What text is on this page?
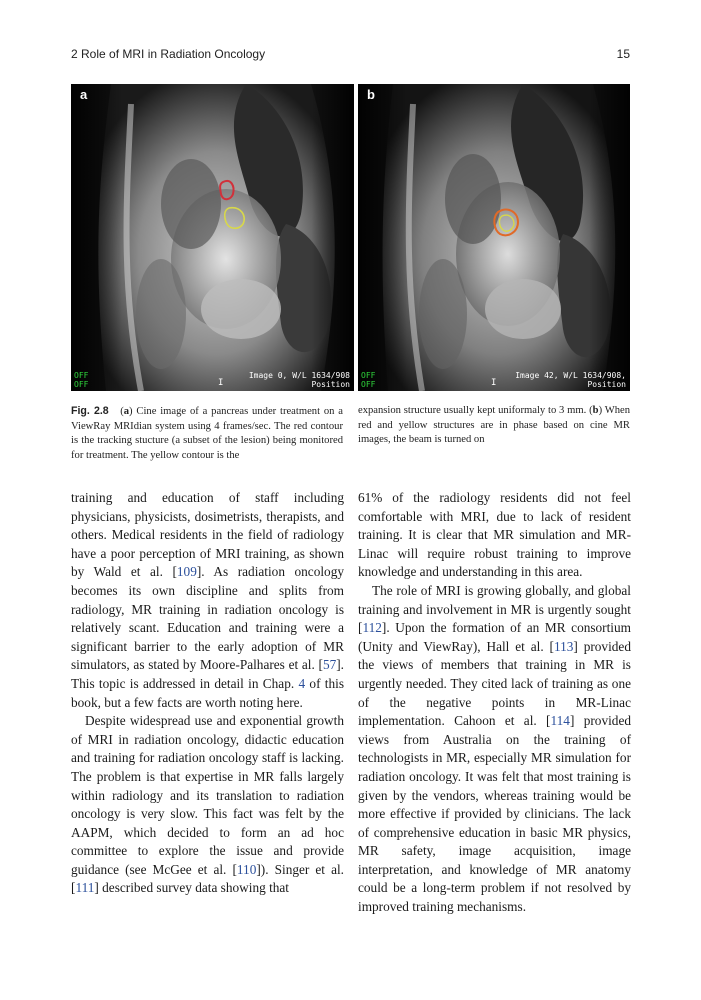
2 Role of MRI in Radiation Oncology	15
a
OFF
OFF	I
Image 0, W/L 1634/908
Position
b
OFF
OFF	I
Image 42, W/L 1634/908,
Position
Fig. 2.8 (a) Cine image of a pancreas under treatment on a ViewRay MRIdian system using 4 frames/sec. The red contour is the tracking stucture (a subset of the lesion) being monitored for treatment. The yellow contour is the
expansion structure usually kept uniformaly to 3 mm. (b) When red and yellow structures are in phase based on cine MR images, the beam is turned on

training and education of staff including physicians, physicists, dosimetrists, therapists, and others. Medical residents in the field of radiology have a poor perception of MRI training, as shown by Wald et al. [109]. As radiation oncology becomes its own discipline and splits from radiology, MR training in radiation oncology is relatively scant. Education and training were a significant barrier to the early adoption of MR simulators, as stated by Moore-Palhares et al. [57]. This topic is addressed in detail in Chap. 4 of this book, but a few facts are worth noting here.

Despite widespread use and exponential growth of MRI in radiation oncology, didactic education and training for radiation oncology staff is lacking. The problem is that expertise in MR falls largely within radiology and its translation to radiation oncology is very slow. This fact was felt by the AAPM, which decided to form an ad hoc committee to explore the issue and provide guidance (see McGee et al. [110]). Singer et al. [111] described survey data showing that

61% of the radiology residents did not feel comfortable with MRI, due to lack of resident training. It is clear that MR simulation and MR-Linac will require robust training to improve knowledge and understanding in this area.

The role of MRI is growing globally, and global training and involvement in MR is urgently sought [112]. Upon the formation of an MR consortium (Unity and ViewRay), Hall et al. [113] provided the views of members that training in MR is urgently needed. They cited lack of training as one of the negative points in MR-Linac implementation. Cahoon et al. [114] provided views from Australia on the training of technologists in MR, especially MR simulation for radiation oncology. It was felt that most training is given by the vendors, whereas training would be more effective if provided by clinicians. The lack of comprehensive education in basic MR physics, MR safety, image acquisition, image interpretation, and knowledge of MR anatomy could be a long-term problem if not resolved by improved training mechanisms.
